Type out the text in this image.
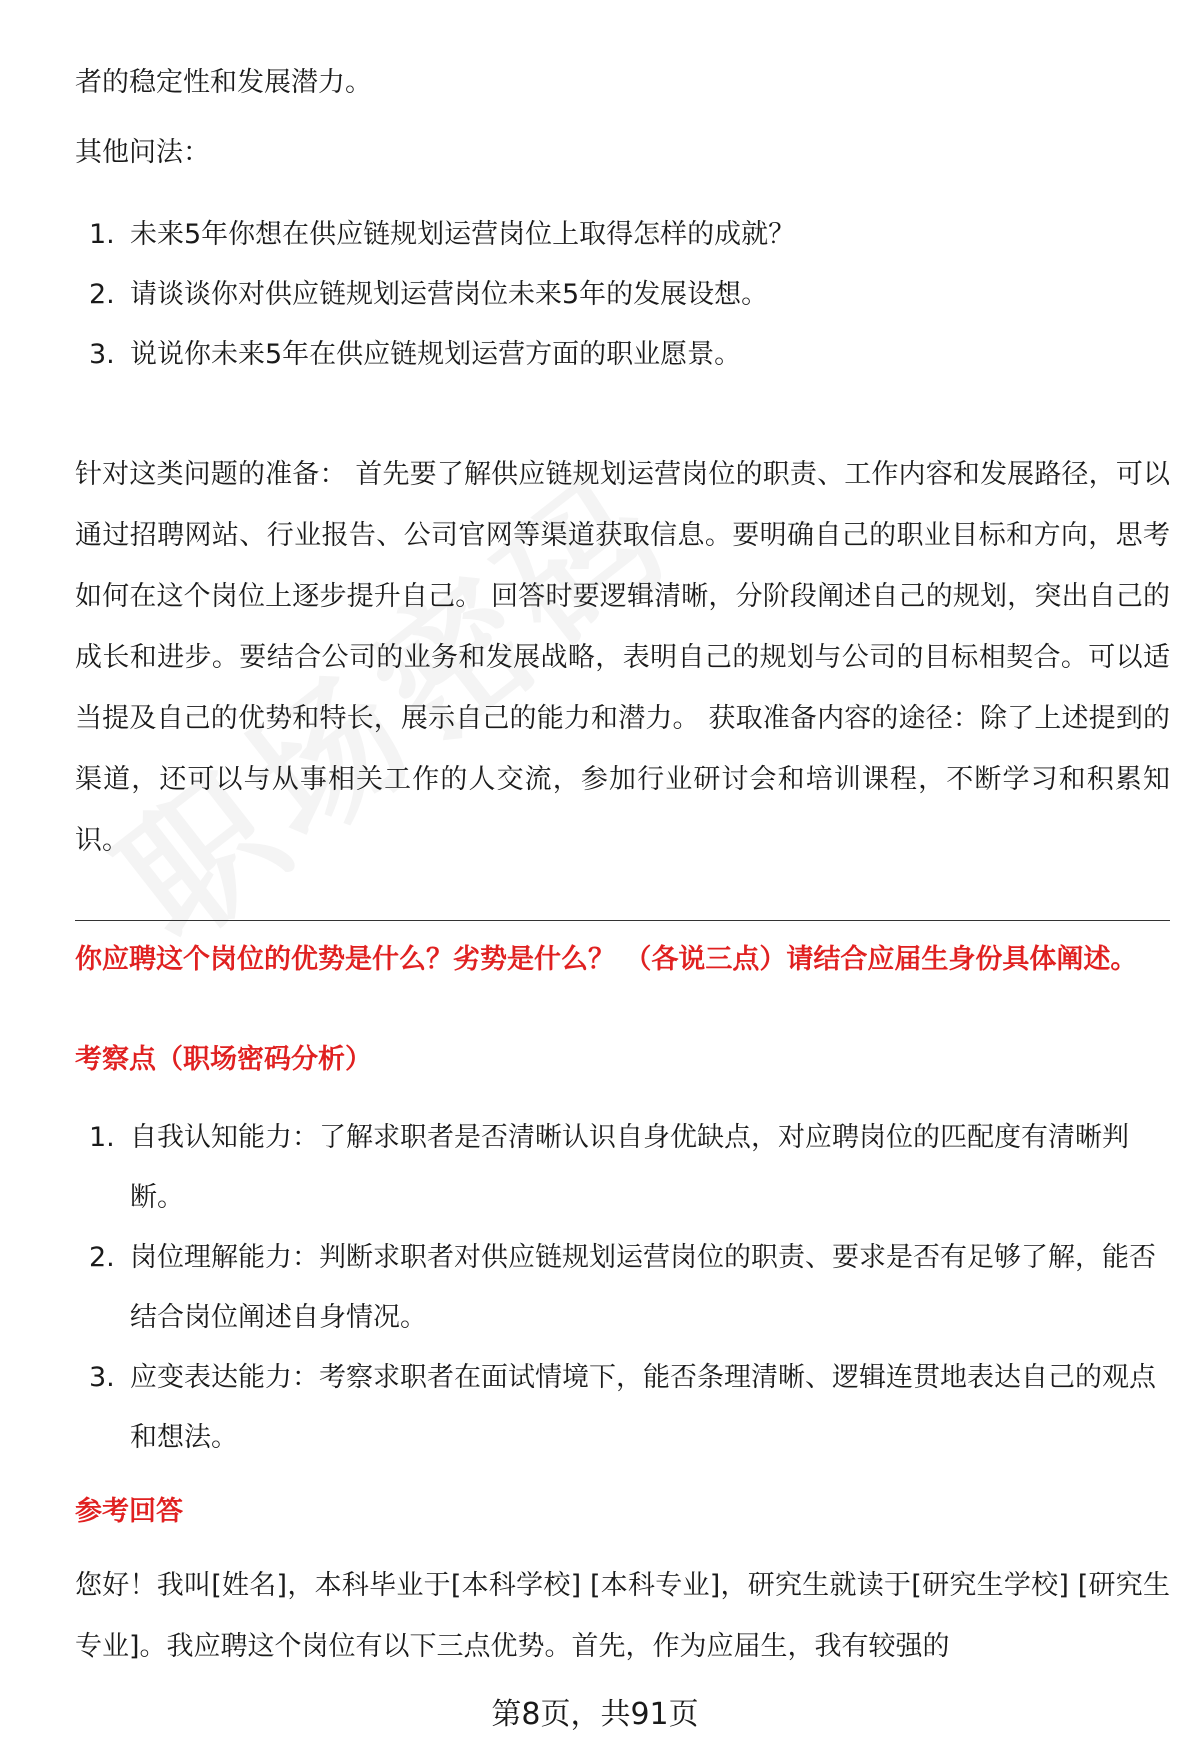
者的稳定性和发展潜力。

其他问法：

1. 未来5年你想在供应链规划运营岗位上取得怎样的成就？
2. 请谈谈你对供应链规划运营岗位未来5年的发展设想。
3. 说说你未来5年在供应链规划运营方面的职业愿景。

针对这类问题的准备： 首先要了解供应链规划运营岗位的职责、工作内容和发展路径，可以通过招聘网站、行业报告、公司官网等渠道获取信息。要明确自己的职业目标和方向，思考如何在这个岗位上逐步提升自己。 回答时要逻辑清晰，分阶段阐述自己的规划，突出自己的成长和进步。要结合公司的业务和发展战略，表明自己的规划与公司的目标相契合。可以适当提及自己的优势和特长，展示自己的能力和潜力。 获取准备内容的途径：除了上述提到的渠道，还可以与从事相关工作的人交流，参加行业研讨会和培训课程，不断学习和积累知识。

你应聘这个岗位的优势是什么？劣势是什么？ （各说三点）请结合应届生身份具体阐述。
考察点（职场密码分析）
1. 自我认知能力：了解求职者是否清晰认识自身优缺点，对应聘岗位的匹配度有清晰判断。
2. 岗位理解能力：判断求职者对供应链规划运营岗位的职责、要求是否有足够了解，能否结合岗位阐述自身情况。
3. 应变表达能力：考察求职者在面试情境下，能否条理清晰、逻辑连贯地表达自己的观点和想法。
参考回答

您好！我叫[姓名]，本科毕业于[本科学校] [本科专业]，研究生就读于[研究生学校] [研究生专业]。我应聘这个岗位有以下三点优势。首先，作为应届生，我有较强的

第8页，共91页
